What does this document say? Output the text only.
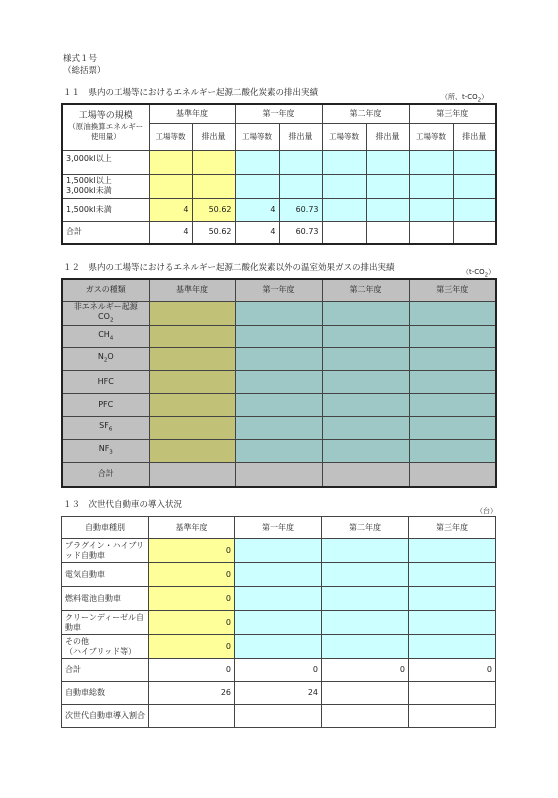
様式１号
（総括票）
１１　県内の工場等におけるエネルギー起源二酸化炭素の排出実績	（所、$t-CO_2$）
工場等の規模
（原油換算エネルギー使用量）	基準年度		第一年度		第二年度		第三年度	
	工場等数	排出量	工場等数	排出量	工場等数	排出量	工場等数	排出量
3,000kl以上								
1,500kl以上
3,000kl未満								
1,500kl未満	4	50.62	4	60.73				
合計	4	50.62	4	60.73				
１２　県内の工場等におけるエネルギー起源二酸化炭素以外の温室効果ガスの排出実績	$(t-CO_2)$
ガスの種類	基準年度	第一年度	第二年度	第三年度

非エネルギー起源
$CO_2$

$CH_4$				
$N_2O$				
HFC				
PFC				
$SF_6$				
$NF_3$				
合計				
１３　次世代自動車の導入状況
（台）
自動車種別	基準年度	第一年度	第二年度	第三年度
プラグイン・ハイブリッド自動車	0			
電気自動車	0			
燃料電池自動車	0			
クリーンディーゼル自動車	0			
その他
（ハイブリッド等）	0			
合計	0	0	0	0
自動車総数	26	24		
次世代自動車導入割合				
